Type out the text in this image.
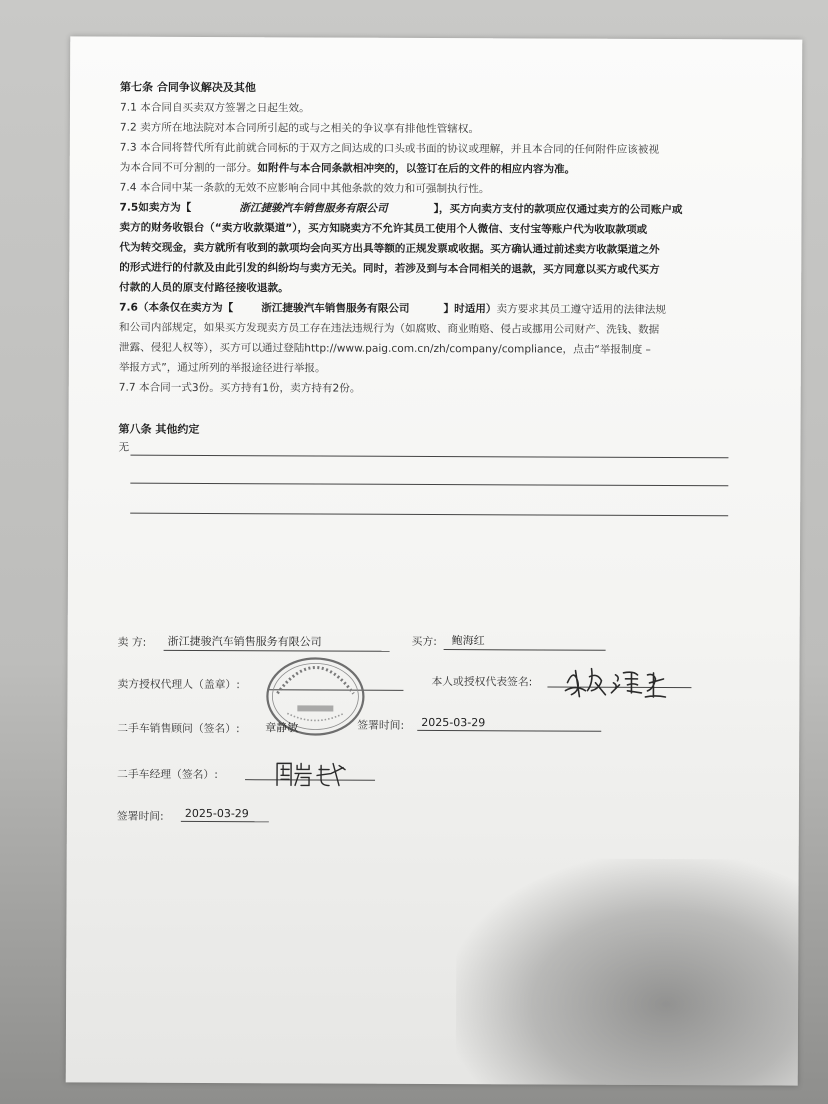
第七条 合同争议解决及其他
7.1 本合同自买卖双方签署之日起生效。
7.2 卖方所在地法院对本合同所引起的或与之相关的争议享有排他性管辖权。
7.3 本合同将替代所有此前就合同标的于双方之间达成的口头或书面的协议或理解，并且本合同的任何附件应该被视
为本合同不可分割的一部分。如附件与本合同条款相冲突的，以签订在后的文件的相应内容为准。
7.4 本合同中某一条款的无效不应影响合同中其他条款的效力和可强制执行性。
7.5如卖方为【	浙江捷骏汽车销售服务有限公司	】，买方向卖方支付的款项应仅通过卖方的公司账户或
卖方的财务收银台（“卖方收款渠道”），买方知晓卖方不允许其员工使用个人微信、支付宝等账户代为收取款项或
代为转交现金，卖方就所有收到的款项均会向买方出具等额的正规发票或收据。买方确认通过前述卖方收款渠道之外
的形式进行的付款及由此引发的纠纷均与卖方无关。同时，若涉及到与本合同相关的退款，买方同意以买方或代买方
付款的人员的原支付路径接收退款。
7.6（本条仅在卖方为【	浙江捷骏汽车销售服务有限公司	】时适用）卖方要求其员工遵守适用的法律法规
和公司内部规定，如果买方发现卖方员工存在违法违规行为（如腐败、商业贿赂、侵占或挪用公司财产、洗钱、数据
泄露、侵犯人权等），买方可以通过登陆http://www.paig.com.cn/zh/company/compliance，点击“举报制度 –
举报方式”，通过所列的举报途径进行举报。
7.7 本合同一式3份。买方持有1份，卖方持有2份。
第八条 其他约定
无
卖 方:	浙江捷骏汽车销售服务有限公司	买方:	鲍海红
卖方授权代理人（盖章）:	本人或授权代表签名:
二手车销售顾问（签名）:	章静敏	签署时间:	2025-03-29
二手车经理（签名）:
签署时间:	2025-03-29
